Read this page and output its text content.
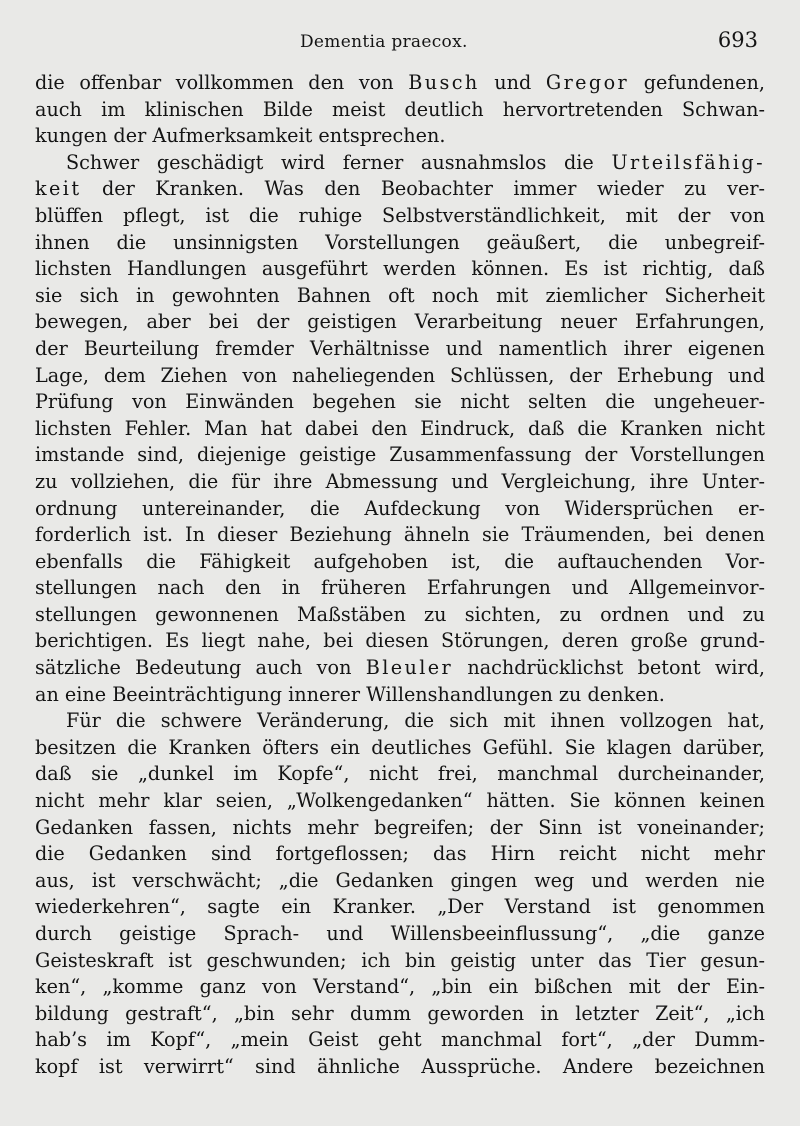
Dementia praecox.	693
die offenbar vollkommen den von Busch und Gregor gefundenen,
auch im klinischen Bilde meist deutlich hervortretenden Schwan-
kungen der Aufmerksamkeit entsprechen.
Schwer geschädigt wird ferner ausnahmslos die Urteilsfähig-
keit der Kranken. Was den Beobachter immer wieder zu ver-
blüffen pflegt, ist die ruhige Selbstverständlichkeit, mit der von
ihnen die unsinnigsten Vorstellungen geäußert, die unbegreif-
lichsten Handlungen ausgeführt werden können. Es ist richtig, daß
sie sich in gewohnten Bahnen oft noch mit ziemlicher Sicherheit
bewegen, aber bei der geistigen Verarbeitung neuer Erfahrungen,
der Beurteilung fremder Verhältnisse und namentlich ihrer eigenen
Lage, dem Ziehen von naheliegenden Schlüssen, der Erhebung und
Prüfung von Einwänden begehen sie nicht selten die ungeheuer-
lichsten Fehler. Man hat dabei den Eindruck, daß die Kranken nicht
imstande sind, diejenige geistige Zusammenfassung der Vorstellungen
zu vollziehen, die für ihre Abmessung und Vergleichung, ihre Unter-
ordnung untereinander, die Aufdeckung von Widersprüchen er-
forderlich ist. In dieser Beziehung ähneln sie Träumenden, bei denen
ebenfalls die Fähigkeit aufgehoben ist, die auftauchenden Vor-
stellungen nach den in früheren Erfahrungen und Allgemeinvor-
stellungen gewonnenen Maßstäben zu sichten, zu ordnen und zu
berichtigen. Es liegt nahe, bei diesen Störungen, deren große grund-
sätzliche Bedeutung auch von Bleuler nachdrücklichst betont wird,
an eine Beeinträchtigung innerer Willenshandlungen zu denken.
Für die schwere Veränderung, die sich mit ihnen vollzogen hat,
besitzen die Kranken öfters ein deutliches Gefühl. Sie klagen darüber,
daß sie „dunkel im Kopfe“, nicht frei, manchmal durcheinander,
nicht mehr klar seien, „Wolkengedanken“ hätten. Sie können keinen
Gedanken fassen, nichts mehr begreifen; der Sinn ist voneinander;
die Gedanken sind fortgeflossen; das Hirn reicht nicht mehr
aus, ist verschwächt; „die Gedanken gingen weg und werden nie
wiederkehren“, sagte ein Kranker. „Der Verstand ist genommen
durch geistige Sprach- und Willensbeeinflussung“, „die ganze
Geisteskraft ist geschwunden; ich bin geistig unter das Tier gesun-
ken“, „komme ganz von Verstand“, „bin ein bißchen mit der Ein-
bildung gestraft“, „bin sehr dumm geworden in letzter Zeit“, „ich
hab’s im Kopf“, „mein Geist geht manchmal fort“, „der Dumm-
kopf ist verwirrt“ sind ähnliche Aussprüche. Andere bezeichnen
